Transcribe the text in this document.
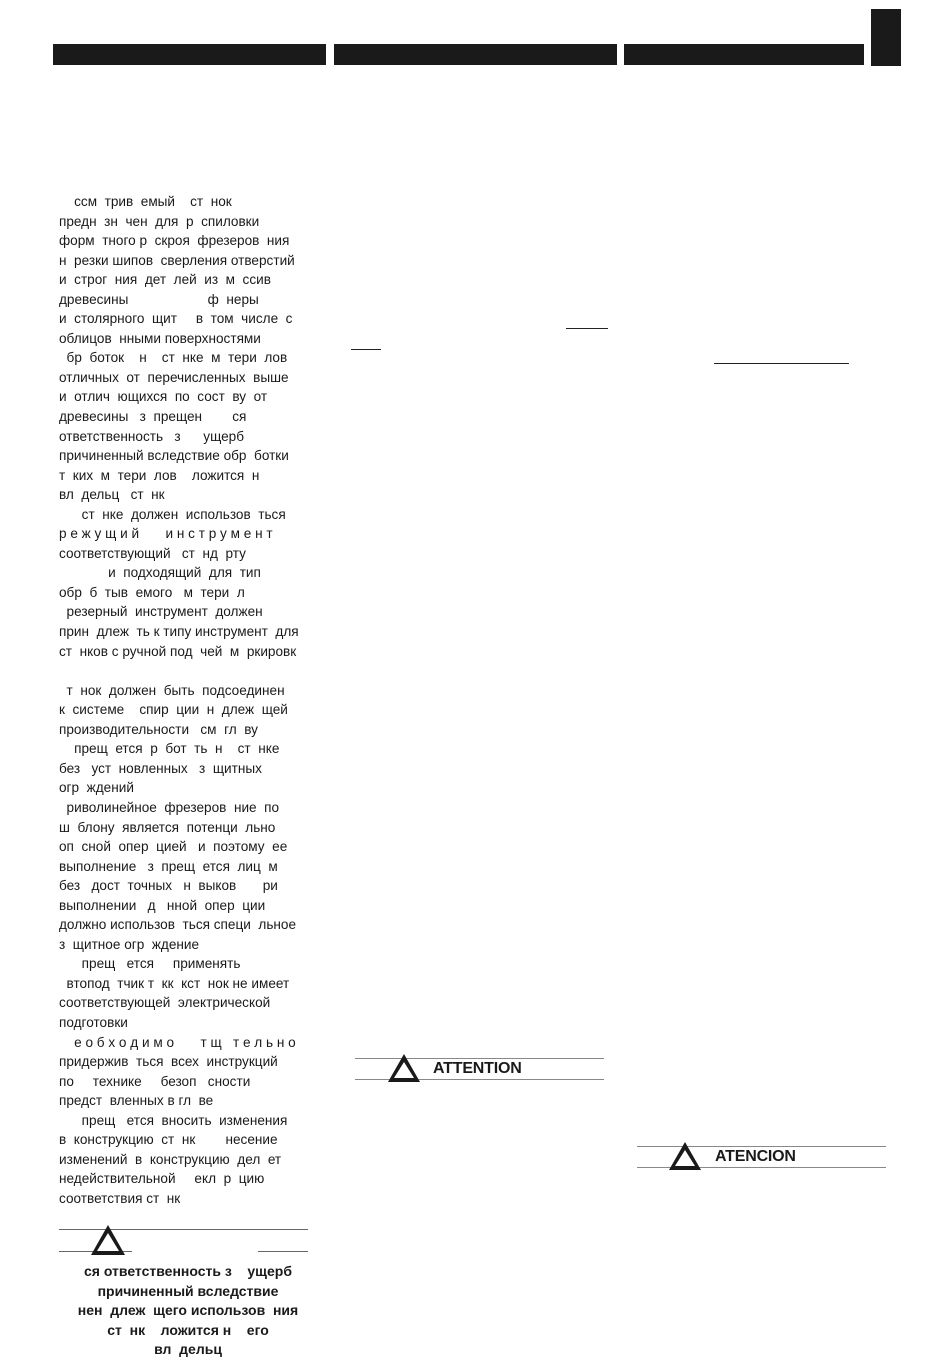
ссм  трив  емый    ст  нок
предн  зн  чен  для  р  спиловки
форм  тного р  скроя  фрезеров  ния
н  резки шипов  сверления отверстий
и  строг  ния  дет  лей  из  м  ссив
древесины                     ф  неры
и  столярного  щит     в  том  числе  с
облицов  нными поверхностями
бр  боток    н    ст  нке  м  тери  лов
отличных  от  перечисленных  выше
и  отлич  ющихся  по  сост  ву  от
древесины   з  прещен        ся
ответственность   з      ущерб
причиненный вследствие обр  ботки
т  ких  м  тери  лов    ложится  н
вл  дельц   ст  нк
ст  нке  должен  использов  ться
р е ж у щ и й       и н с т р у м е н т
соответствующий   ст  нд  рту
и  подходящий  для  тип
обр  б  тыв  емого   м  тери  л
резерный  инструмент  должен
прин  длеж  ть к типу инструмент  для
ст  нков с ручной под  чей  м  ркировк
т  нок  должен  быть  подсоединен
к  системе    спир  ции  н  длеж  щей
производительности   см  гл  ву
прещ  ется  р  бот  ть  н    ст  нке
без   уст  новленных   з  щитных
огр  ждений
риволинейное  фрезеров  ние  по
ш  блону  является  потенци  льно
оп  сной  опер  цией   и  поэтому  ее
выполнение   з  прещ  ется  лиц  м
без   дост  точных   н  выков       ри
выполнении   д   нной  опер  ции
должно использов  ться специ  льное
з  щитное огр  ждение
прещ   ется     применять
втопод  тчик т  кк  кст  нок не имеет
соответствующей  электрической
подготовки
е о б х о д и м о       т щ   т е л ь н о
придержив  ться  всех  инструкций
по     технике     безоп   сности
предст  вленных в гл  ве
прещ   ется  вносить  изменения
в  конструкцию  ст  нк        несение
изменений  в  конструкцию  дел  ет
недействительной     екл  р  цию
соответствия ст  нк
ATTENTION
ATENCION
ся ответственность з    ущерб
причиненный вследствие
нен  длеж  щего использов  ния
ст  нк    ложится н    его
вл  дельц
